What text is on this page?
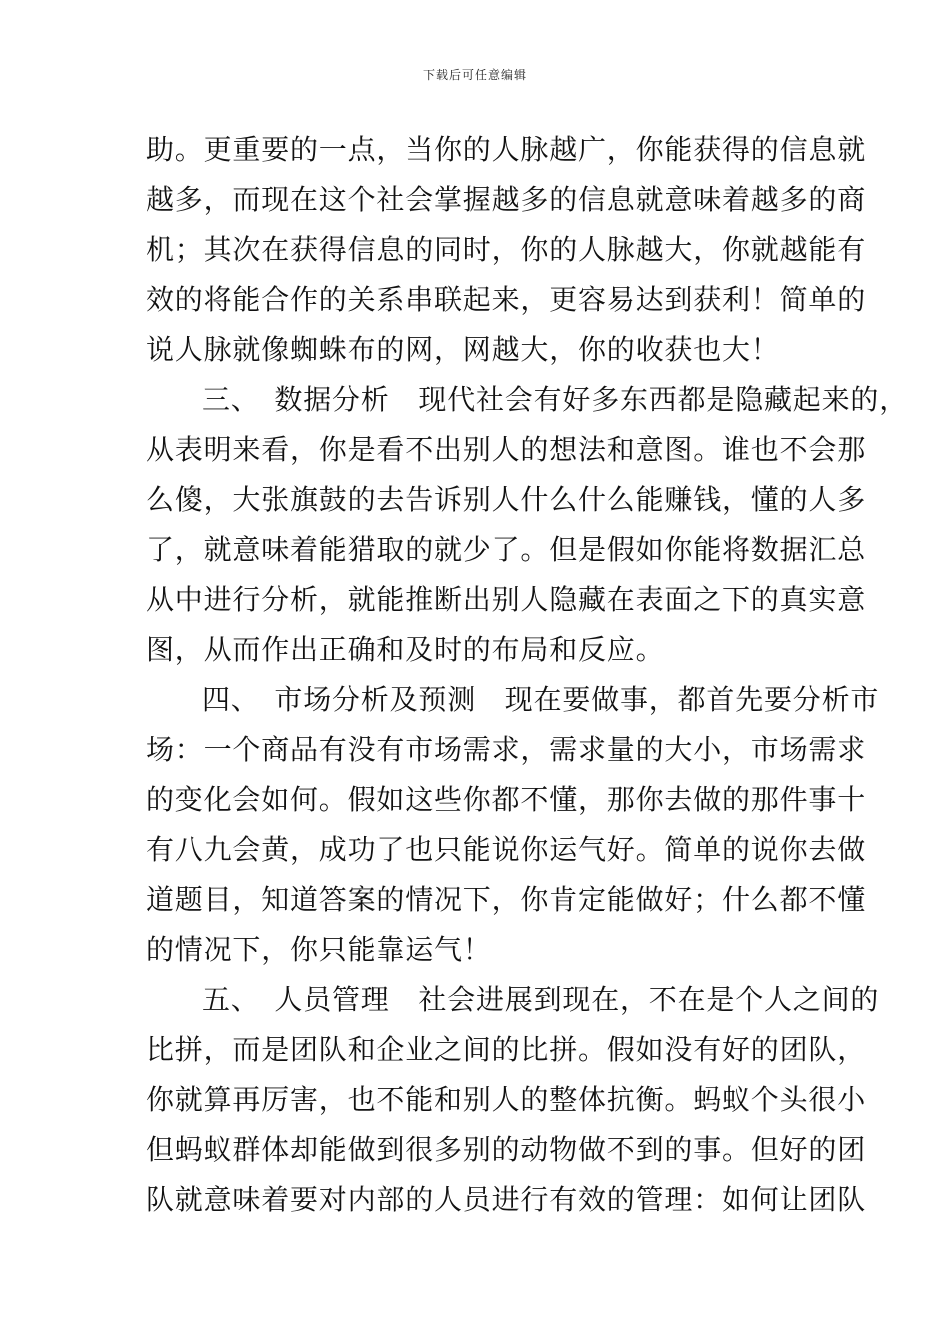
下载后可任意编辑
助。更重要的一点，当你的人脉越广，你能获得的信息就
越多，而现在这个社会掌握越多的信息就意味着越多的商
机；其次在获得信息的同时，你的人脉越大，你就越能有
效的将能合作的关系串联起来，更容易达到获利！简单的
说人脉就像蜘蛛布的网，网越大，你的收获也大！
三、　数据分析　现代社会有好多东西都是隐藏起来的，
从表明来看，你是看不出别人的想法和意图。谁也不会那
么傻，大张旗鼓的去告诉别人什么什么能赚钱，懂的人多
了，就意味着能猎取的就少了。但是假如你能将数据汇总
从中进行分析，就能推断出别人隐藏在表面之下的真实意
图，从而作出正确和及时的布局和反应。
四、　市场分析及预测　现在要做事，都首先要分析市
场：一个商品有没有市场需求，需求量的大小，市场需求
的变化会如何。假如这些你都不懂，那你去做的那件事十
有八九会黄，成功了也只能说你运气好。简单的说你去做
道题目，知道答案的情况下，你肯定能做好；什么都不懂
的情况下，你只能靠运气！
五、　人员管理　社会进展到现在，不在是个人之间的
比拼，而是团队和企业之间的比拼。假如没有好的团队，
你就算再厉害，也不能和别人的整体抗衡。蚂蚁个头很小
但蚂蚁群体却能做到很多别的动物做不到的事。但好的团
队就意味着要对内部的人员进行有效的管理：如何让团队
